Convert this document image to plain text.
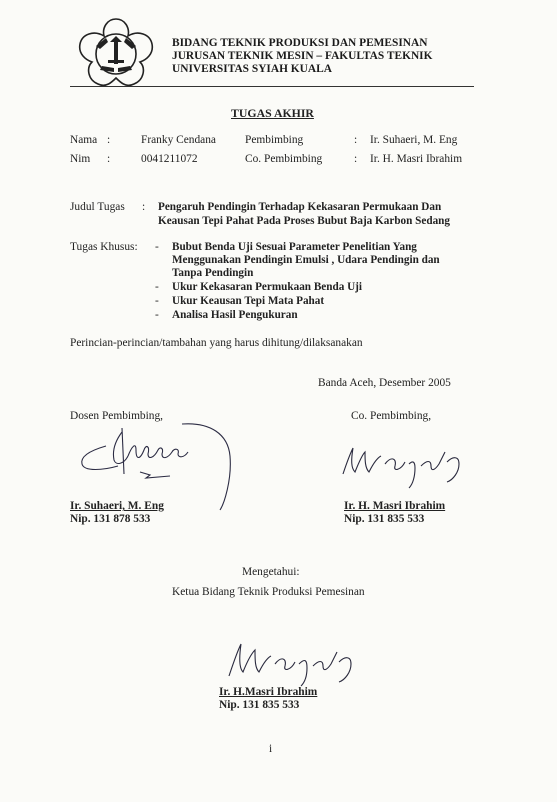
BIDANG TEKNIK PRODUKSI DAN PEMESINAN
JURUSAN TEKNIK MESIN – FAKULTAS TEKNIK
UNIVERSITAS SYIAH KUALA
TUGAS AKHIR
Nama :	Franky Cendana	Pembimbing	: Ir. Suhaeri, M. Eng
Nim :	0041211072	Co. Pembimbing	: Ir. H. Masri Ibrahim
Judul Tugas : Pengaruh Pendingin Terhadap Kekasaran Permukaan Dan
Keausan Tepi Pahat Pada Proses Bubut Baja Karbon Sedang
Tugas Khusus: - Bubut Benda Uji Sesuai Parameter Penelitian Yang
Menggunakan Pendingin Emulsi , Udara Pendingin dan
Tanpa Pendingin
- Ukur Kekasaran Permukaan Benda Uji
- Ukur Keausan Tepi Mata Pahat
- Analisa Hasil Pengukuran
Perincian-perincian/tambahan yang harus dihitung/dilaksanakan
Banda Aceh, Desember 2005
Dosen Pembimbing,
Ir. Suhaeri, M. Eng
Nip. 131 878 533
Co. Pembimbing,
Ir. H. Masri Ibrahim
Nip. 131 835 533
Mengetahui:
Ketua Bidang Teknik Produksi Pemesinan
Ir. H.Masri Ibrahim
Nip. 131 835 533
i
